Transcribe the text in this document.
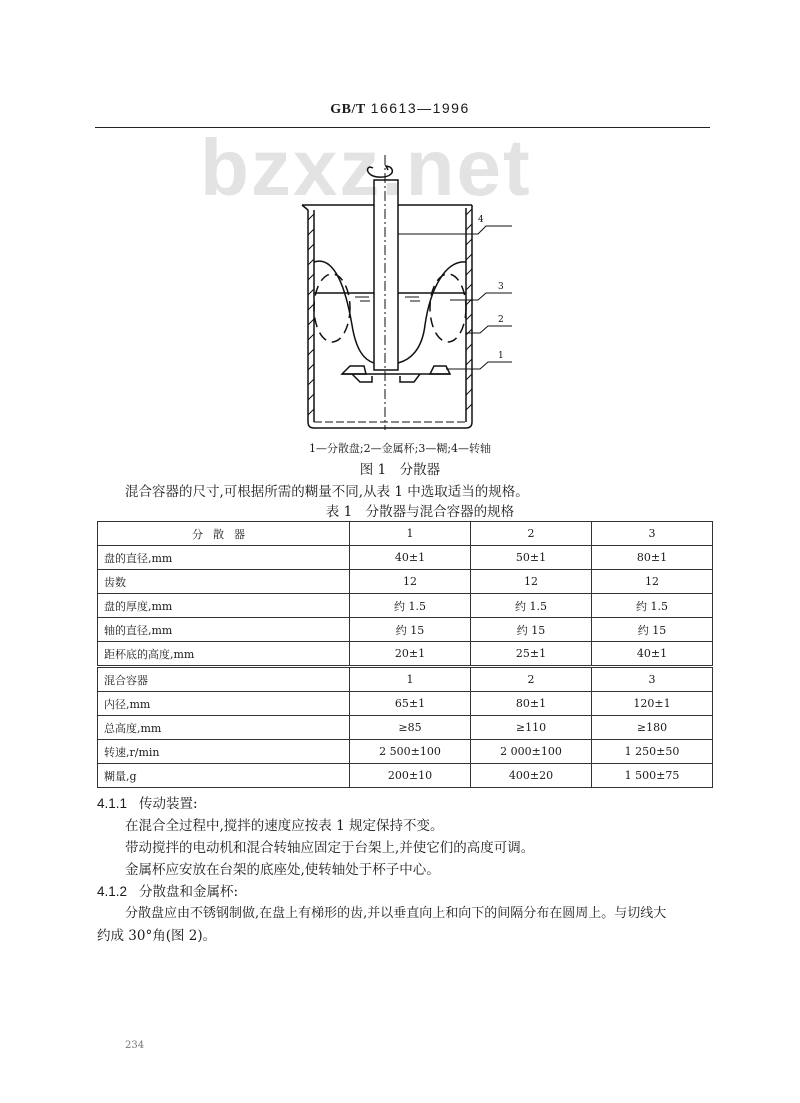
GB/T 16613—1996
bzxz.net
4
3
2
1
1—分散盘;2—金属杯;3—糊;4—转轴
图 1　分散器
混合容器的尺寸,可根据所需的糊量不同,从表 1 中选取适当的规格。
表 1　分散器与混合容器的规格
分散器	1	2	3
盘的直径,mm	40±1	50±1	80±1
齿数	12	12	12
盘的厚度,mm	约 1.5	约 1.5	约 1.5
轴的直径,mm	约 15	约 15	约 15
距杯底的高度,mm	20±1	25±1	40±1
混合容器	1	2	3
内径,mm	65±1	80±1	120±1
总高度,mm	≥85	≥110	≥180
转速,r/min	2 500±100	2 000±100	1 250±50
糊量,g	200±10	400±20	1 500±75
4.1.1 传动装置:
在混合全过程中,搅拌的速度应按表 1 规定保持不变。
带动搅拌的电动机和混合转轴应固定于台架上,并使它们的高度可调。
金属杯应安放在台架的底座处,使转轴处于杯子中心。
4.1.2 分散盘和金属杯:
分散盘应由不锈钢制做,在盘上有梯形的齿,并以垂直向上和向下的间隔分布在圆周上。与切线大
约成 30°角(图 2)。
234
